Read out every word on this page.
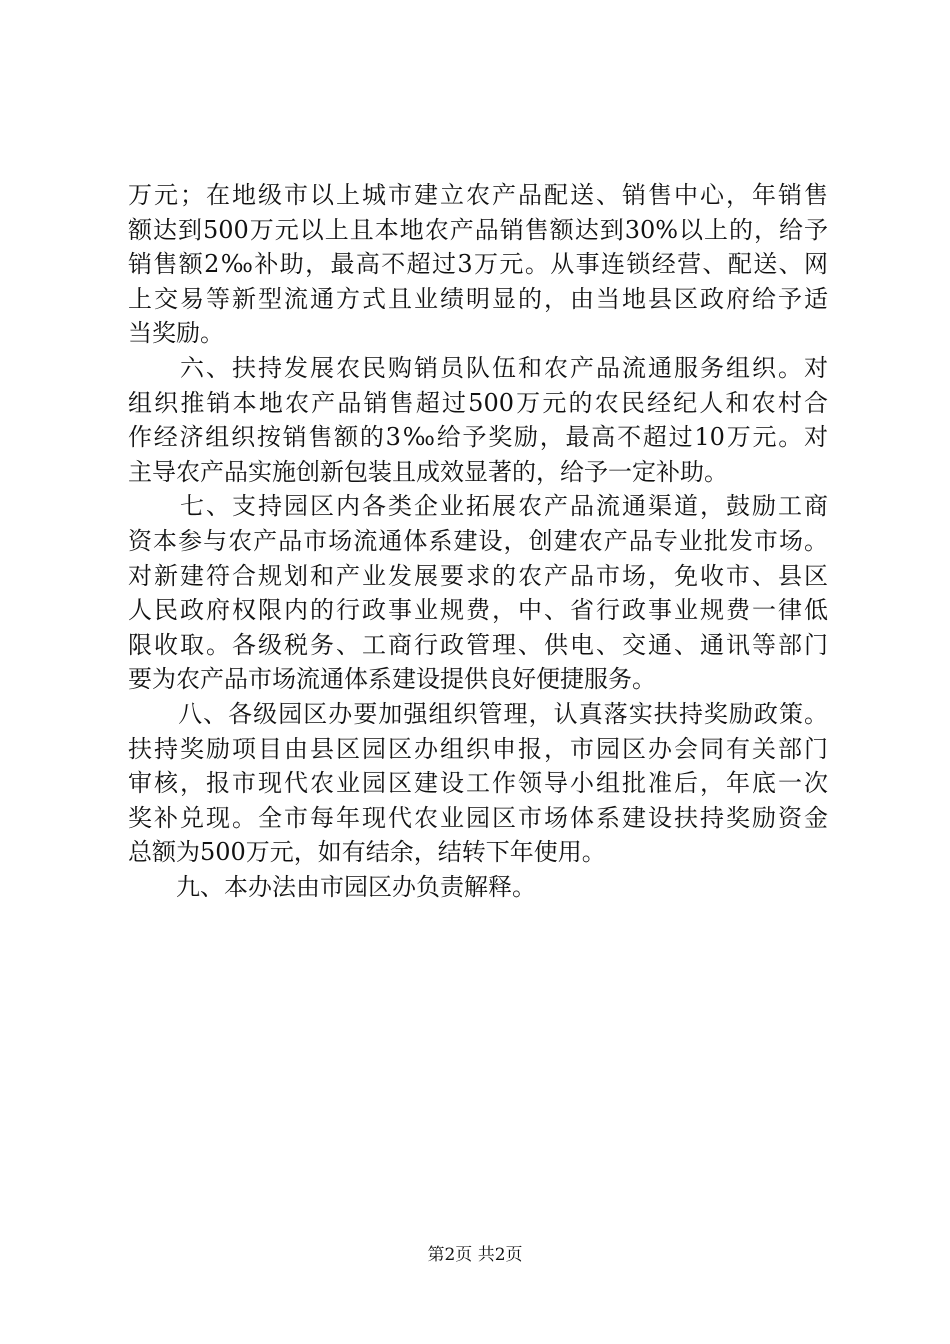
万元；在地级市以上城市建立农产品配送、销售中心，年销售
额达到500万元以上且本地农产品销售额达到30%以上的，给予
销售额2‰补助，最高不超过3万元。从事连锁经营、配送、网
上交易等新型流通方式且业绩明显的，由当地县区政府给予适
当奖励。
　　六、扶持发展农民购销员队伍和农产品流通服务组织。对
组织推销本地农产品销售超过500万元的农民经纪人和农村合
作经济组织按销售额的3‰给予奖励，最高不超过10万元。对
主导农产品实施创新包装且成效显著的，给予一定补助。
　　七、支持园区内各类企业拓展农产品流通渠道，鼓励工商
资本参与农产品市场流通体系建设，创建农产品专业批发市场。
对新建符合规划和产业发展要求的农产品市场，免收市、县区
人民政府权限内的行政事业规费，中、省行政事业规费一律低
限收取。各级税务、工商行政管理、供电、交通、通讯等部门
要为农产品市场流通体系建设提供良好便捷服务。
　　八、各级园区办要加强组织管理，认真落实扶持奖励政策。
扶持奖励项目由县区园区办组织申报，市园区办会同有关部门
审核，报市现代农业园区建设工作领导小组批准后，年底一次
奖补兑现。全市每年现代农业园区市场体系建设扶持奖励资金
总额为500万元，如有结余，结转下年使用。
　　九、本办法由市园区办负责解释。
第2页 共2页
